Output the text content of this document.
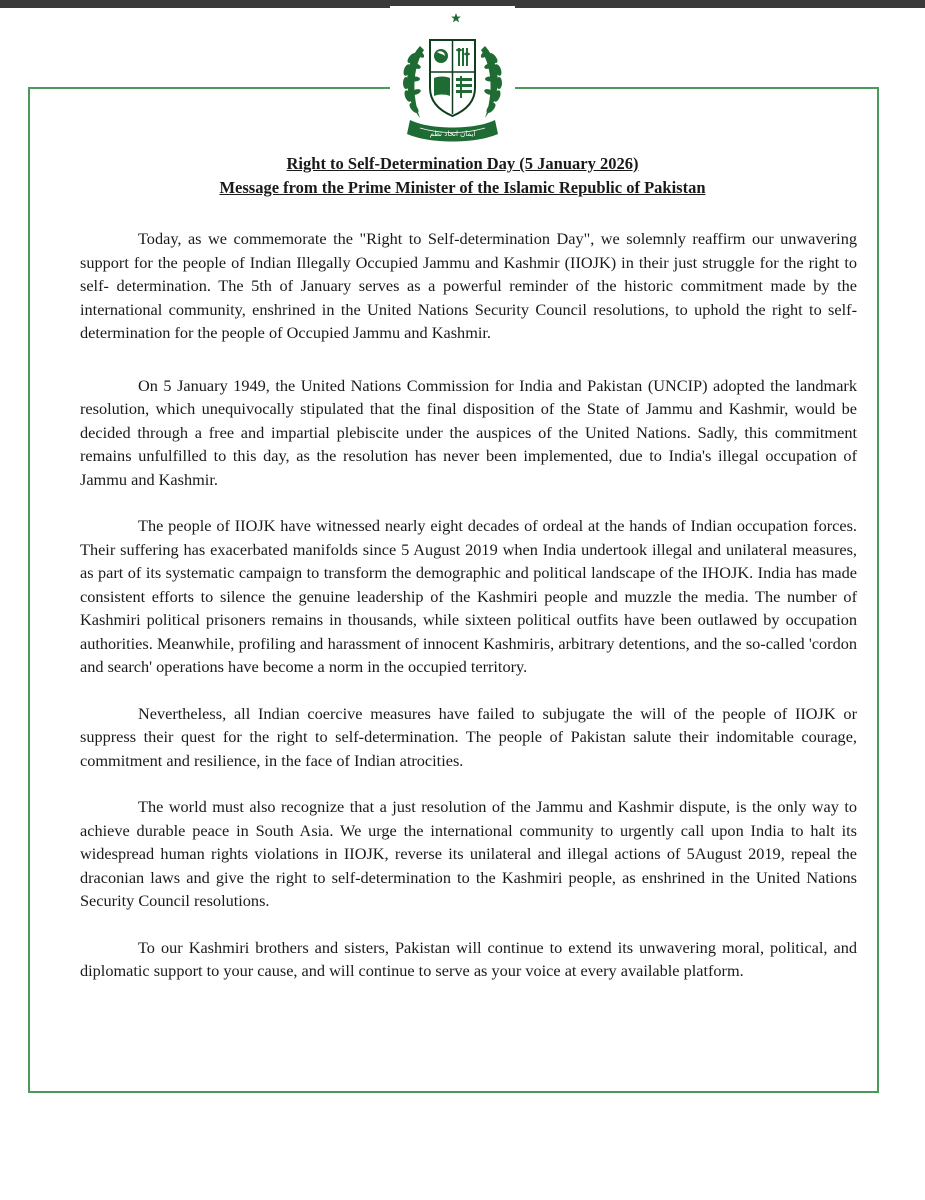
ایمان اتحاد نظم
Right to Self-Determination Day (5 January 2026)
Message from the Prime Minister of the Islamic Republic of Pakistan

Today, as we commemorate the "Right to Self-determination Day", we solemnly reaffirm our unwavering support for the people of Indian Illegally Occupied Jammu and Kashmir (IIOJK) in their just struggle for the right to self- determination. The 5th of January serves as a powerful reminder of the historic commitment made by the international community, enshrined in the United Nations Security Council resolutions, to uphold the right to self-determination for the people of Occupied Jammu and Kashmir.

On 5 January 1949, the United Nations Commission for India and Pakistan (UNCIP) adopted the landmark resolution, which unequivocally stipulated that the final disposition of the State of Jammu and Kashmir, would be decided through a free and impartial plebiscite under the auspices of the United Nations. Sadly, this commitment remains unfulfilled to this day, as the resolution has never been implemented, due to India's illegal occupation of Jammu and Kashmir.

The people of IIOJK have witnessed nearly eight decades of ordeal at the hands of Indian occupation forces. Their suffering has exacerbated manifolds since 5 August 2019 when India undertook illegal and unilateral measures, as part of its systematic campaign to transform the demographic and political landscape of the IHOJK. India has made consistent efforts to silence the genuine leadership of the Kashmiri people and muzzle the media. The number of Kashmiri political prisoners remains in thousands, while sixteen political outfits have been outlawed by occupation authorities. Meanwhile, profiling and harassment of innocent Kashmiris, arbitrary detentions, and the so-called 'cordon and search' operations have become a norm in the occupied territory.

Nevertheless, all Indian coercive measures have failed to subjugate the will of the people of IIOJK or suppress their quest for the right to self-determination. The people of Pakistan salute their indomitable courage, commitment and resilience, in the face of Indian atrocities.

The world must also recognize that a just resolution of the Jammu and Kashmir dispute, is the only way to achieve durable peace in South Asia. We urge the international community to urgently call upon India to halt its widespread human rights violations in IIOJK, reverse its unilateral and illegal actions of 5August 2019, repeal the draconian laws and give the right to self-determination to the Kashmiri people, as enshrined in the United Nations Security Council resolutions.

To our Kashmiri brothers and sisters, Pakistan will continue to extend its unwavering moral, political, and diplomatic support to your cause, and will continue to serve as your voice at every available platform.
